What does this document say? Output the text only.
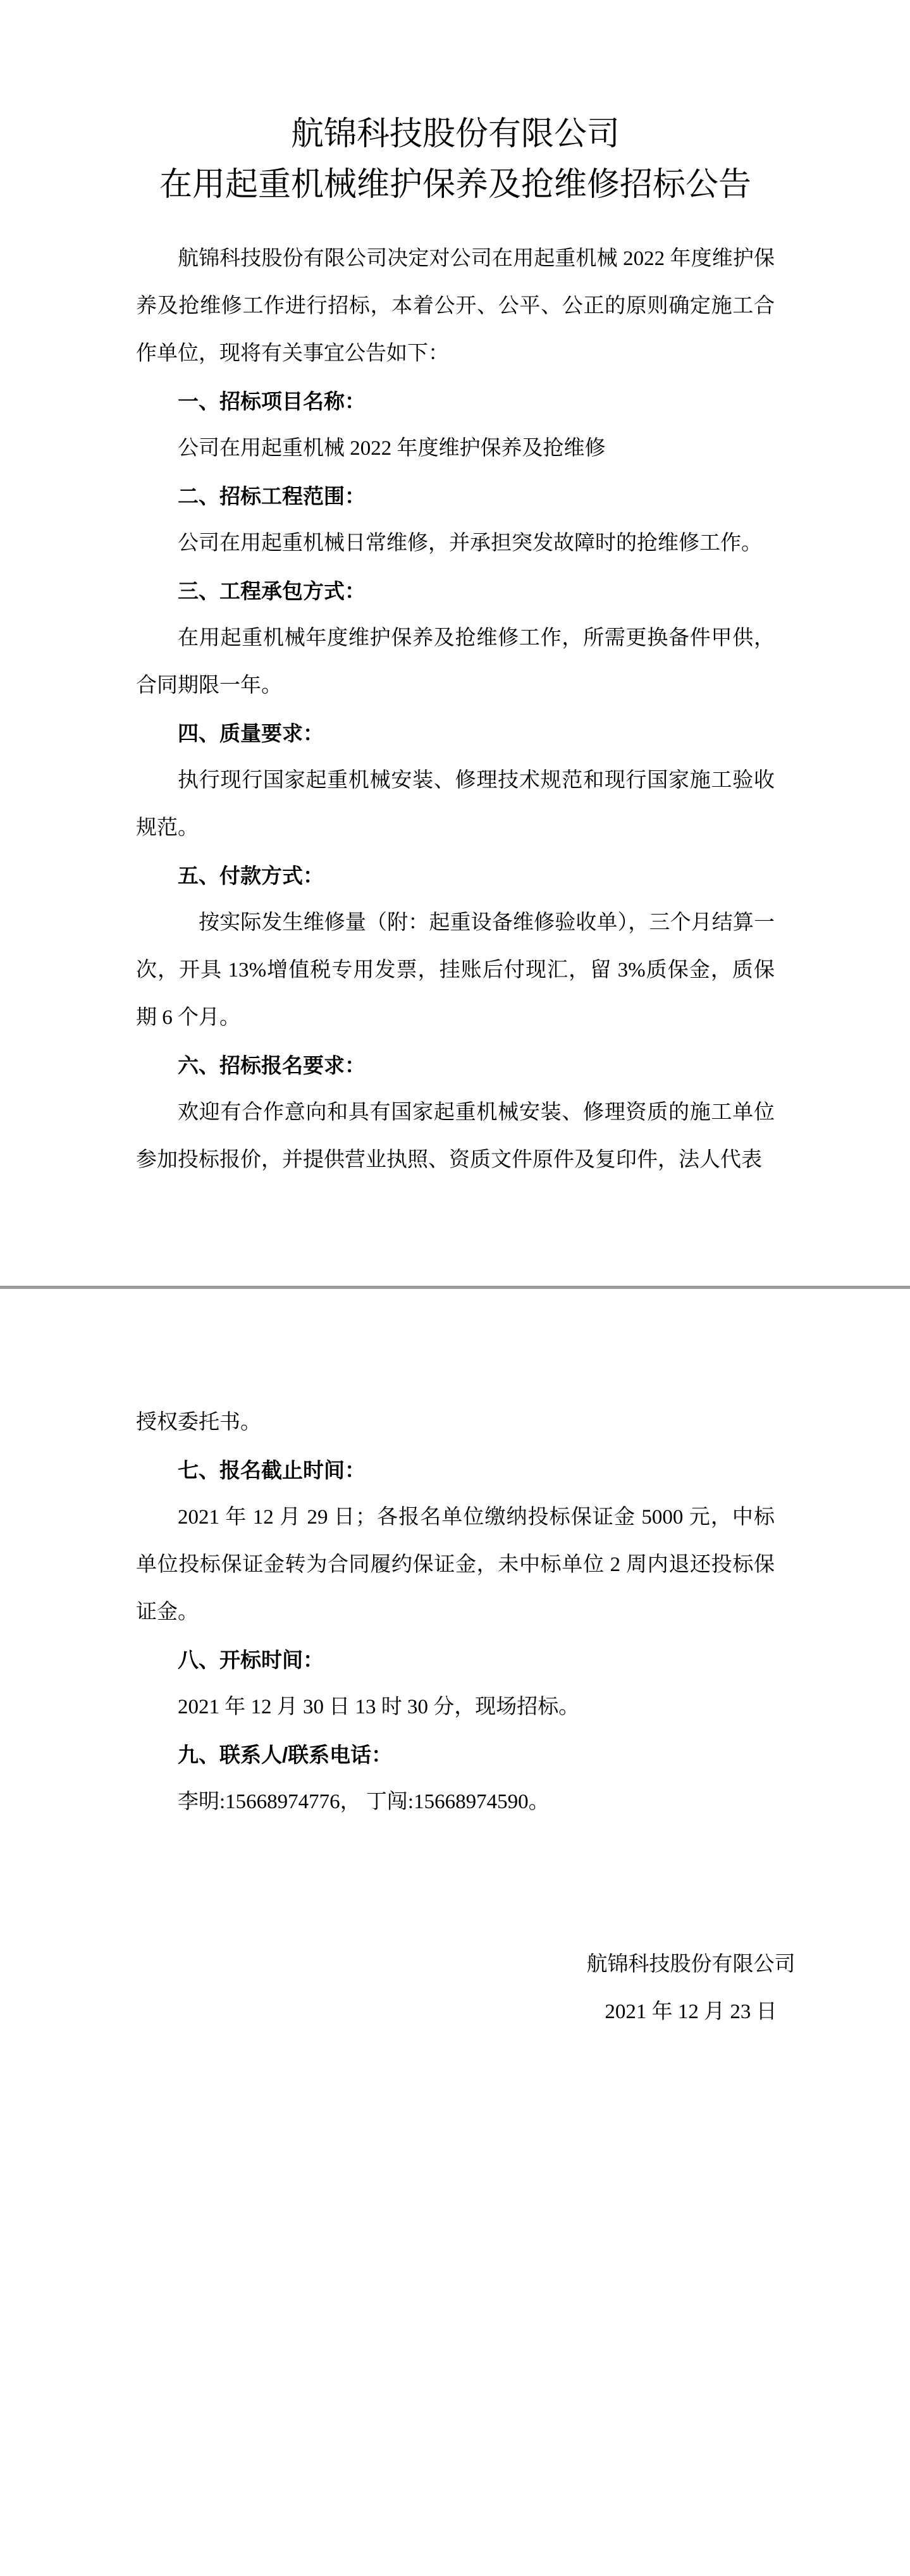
航锦科技股份有限公司
在用起重机械维护保养及抢维修招标公告

航锦科技股份有限公司决定对公司在用起重机械 2022 年度维护保养及抢维修工作进行招标，本着公开、公平、公正的原则确定施工合作单位，现将有关事宜公告如下：

一、招标项目名称：

公司在用起重机械 2022 年度维护保养及抢维修

二、招标工程范围：

公司在用起重机械日常维修，并承担突发故障时的抢维修工作。

三、工程承包方式：

在用起重机械年度维护保养及抢维修工作，所需更换备件甲供，合同期限一年。

四、质量要求：

执行现行国家起重机械安装、修理技术规范和现行国家施工验收规范。

五、付款方式：

按实际发生维修量（附：起重设备维修验收单），三个月结算一次，开具 13%增值税专用发票，挂账后付现汇，留 3%质保金，质保期 6 个月。

六、招标报名要求：

欢迎有合作意向和具有国家起重机械安装、修理资质的施工单位参加投标报价，并提供营业执照、资质文件原件及复印件，法人代表

授权委托书。

七、报名截止时间：

2021 年 12 月 29 日；各报名单位缴纳投标保证金 5000 元，中标单位投标保证金转为合同履约保证金，未中标单位 2 周内退还投标保证金。

八、开标时间：

2021 年 12 月 30 日 13 时 30 分，现场招标。

九、联系人/联系电话：

李明:15668974776， 丁闯:15668974590。

航锦科技股份有限公司
2021 年 12 月 23 日
